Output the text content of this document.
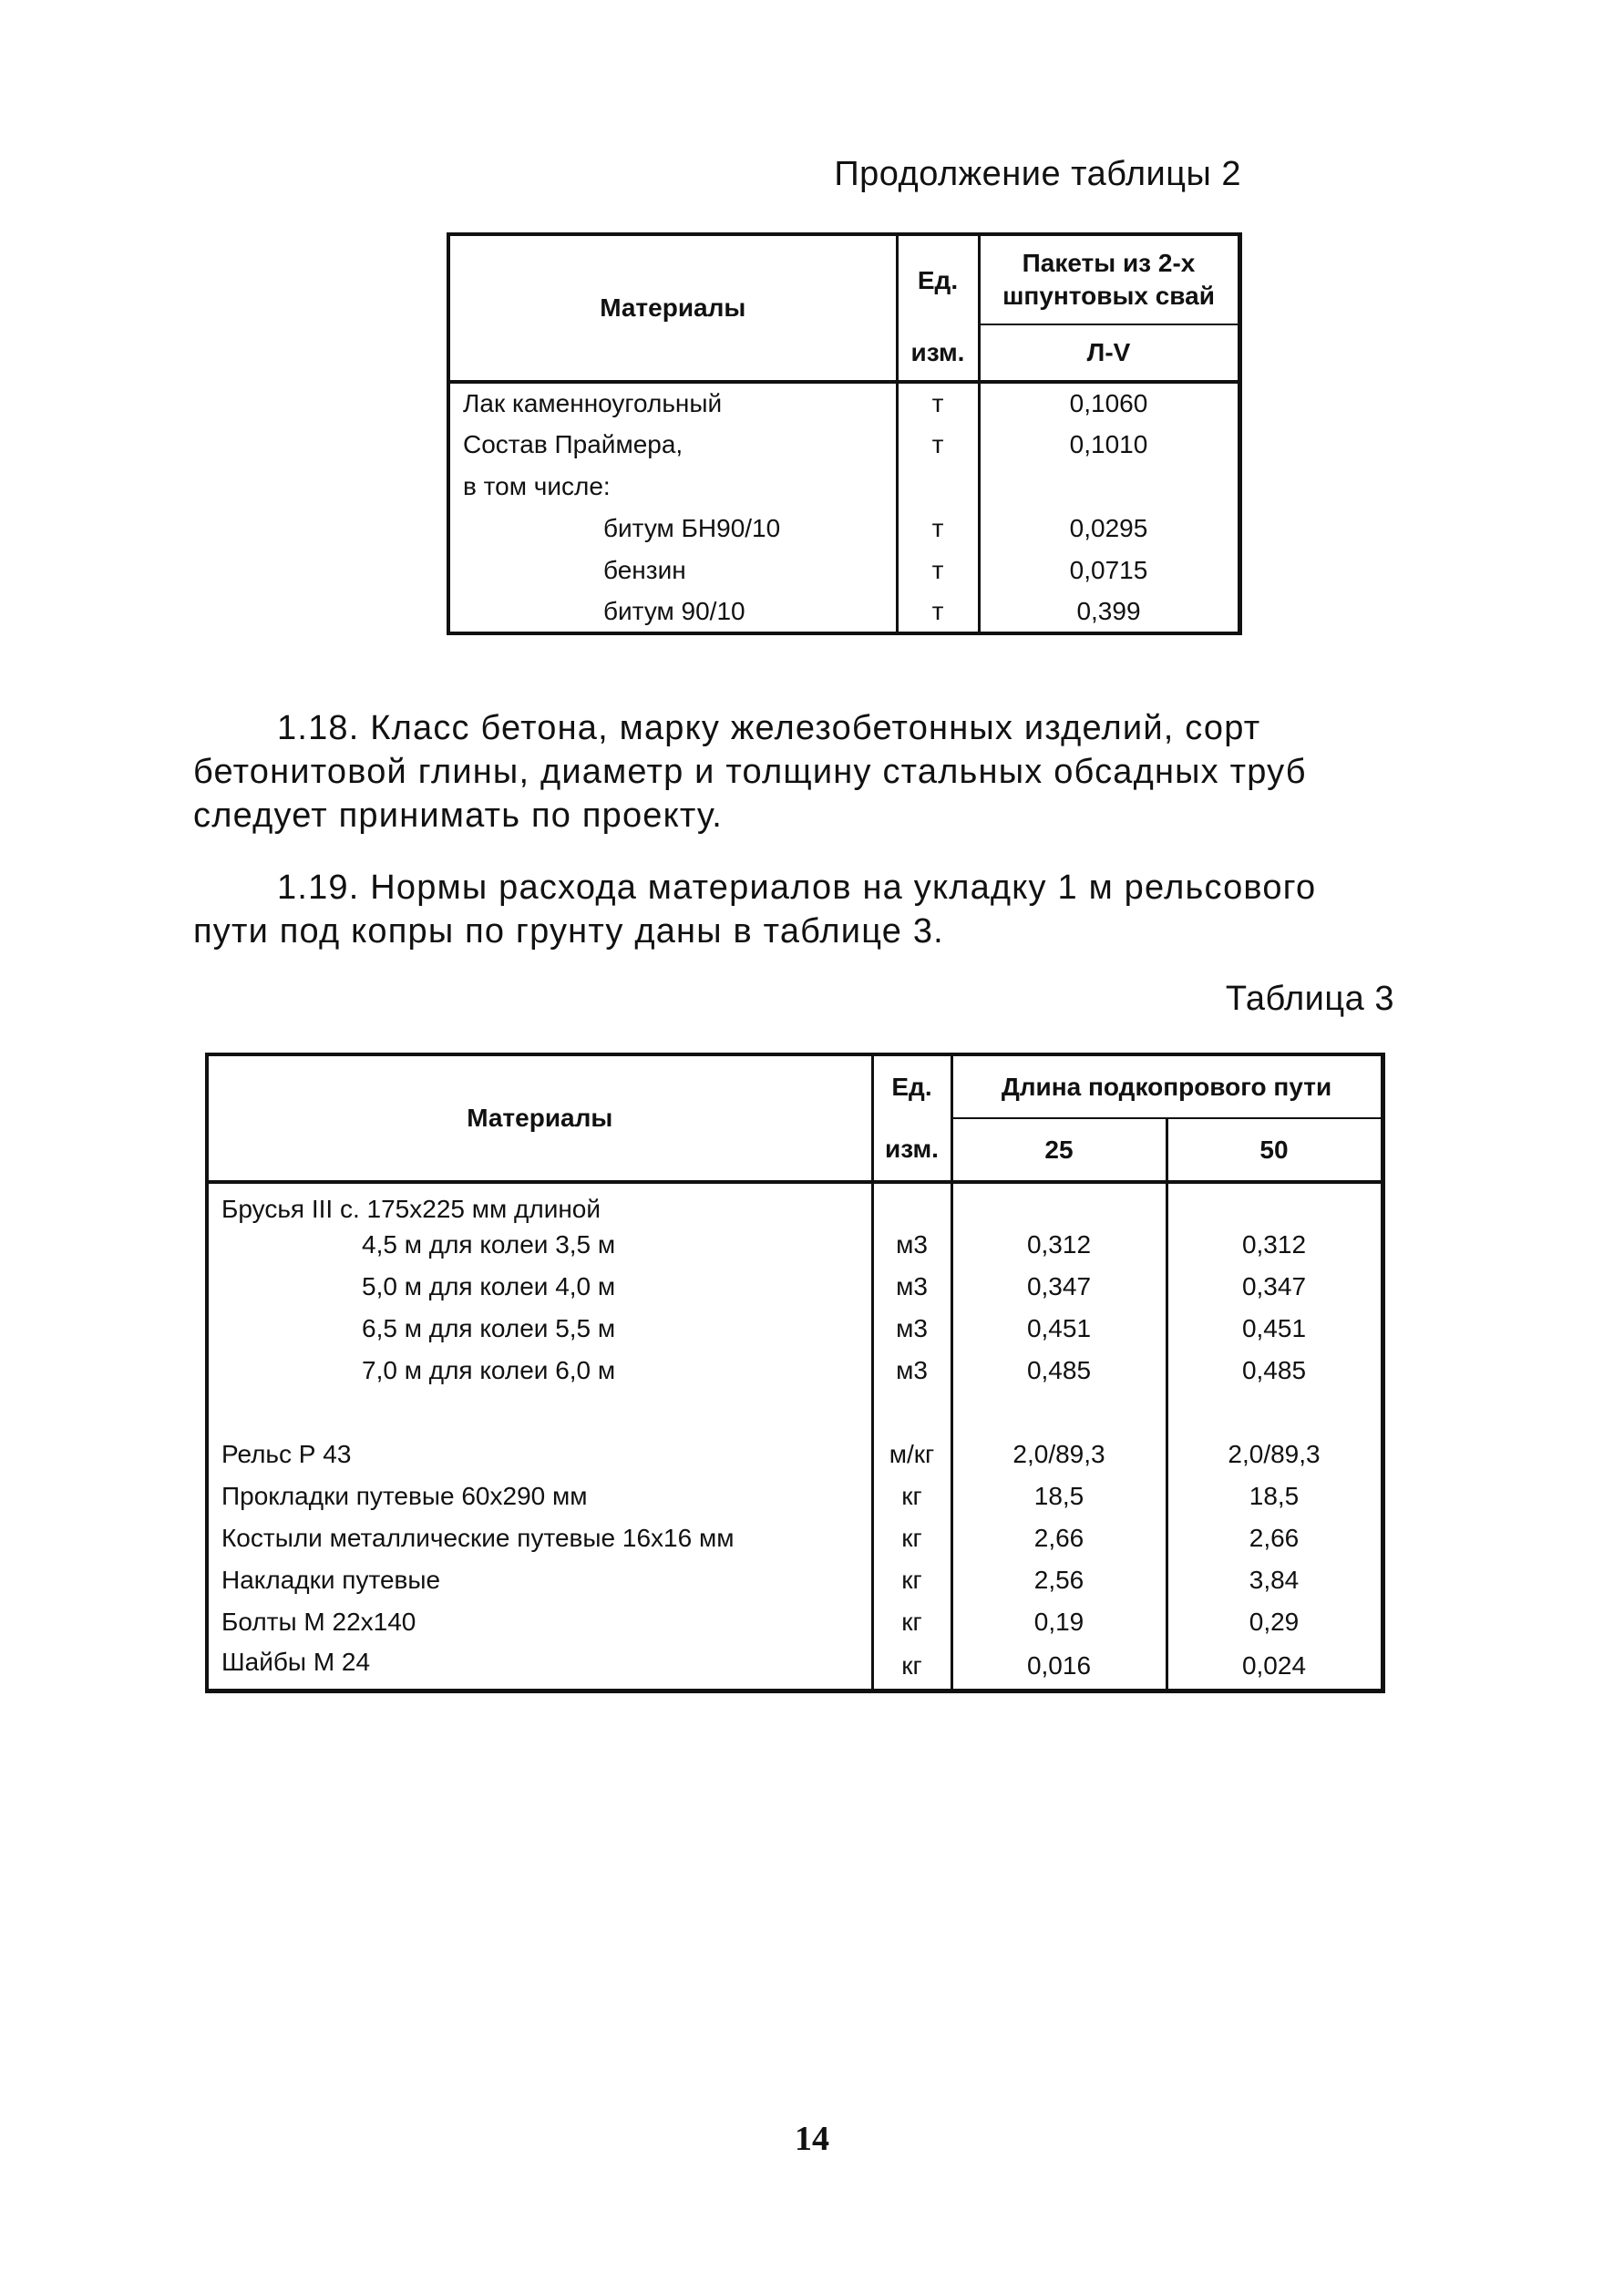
Продолжение таблицы 2
Материалы	Ед.	Пакеты из 2-х шпунтовых свай
	изм.	Л-V
Лак каменноугольный	т	0,1060
Состав Праймера,	т	0,1010
в том числе:		
битум БН90/10	т	0,0295
бензин	т	0,0715
битум 90/10	т	0,399
1.18. Класс бетона, марку железобетонных изделий, сорт бетонитовой глины, диаметр и толщину стальных обсадных труб следует принимать по проекту.
1.19. Нормы расхода материалов на укладку 1 м рельсового пути под копры по грунту даны в таблице 3.
Таблица 3
Материалы	Ед.	Длина подкопрового пути	
	изм.	25	50
Брусья III с. 175х225 мм длиной			
4,5 м для колеи 3,5 м	м3	0,312	0,312
5,0 м для колеи 4,0 м	м3	0,347	0,347
6,5 м для колеи 5,5 м	м3	0,451	0,451
7,0 м для колеи 6,0 м	м3	0,485	0,485

Рельс Р 43	м/кг	2,0/89,3	2,0/89,3
Прокладки путевые 60х290 мм	кг	18,5	18,5
Костыли металлические путевые 16х16 мм	кг	2,66	2,66
Накладки путевые	кг	2,56	3,84
Болты М 22х140	кг	0,19	0,29
Шайбы М 24	кг	0,016	0,024
14
